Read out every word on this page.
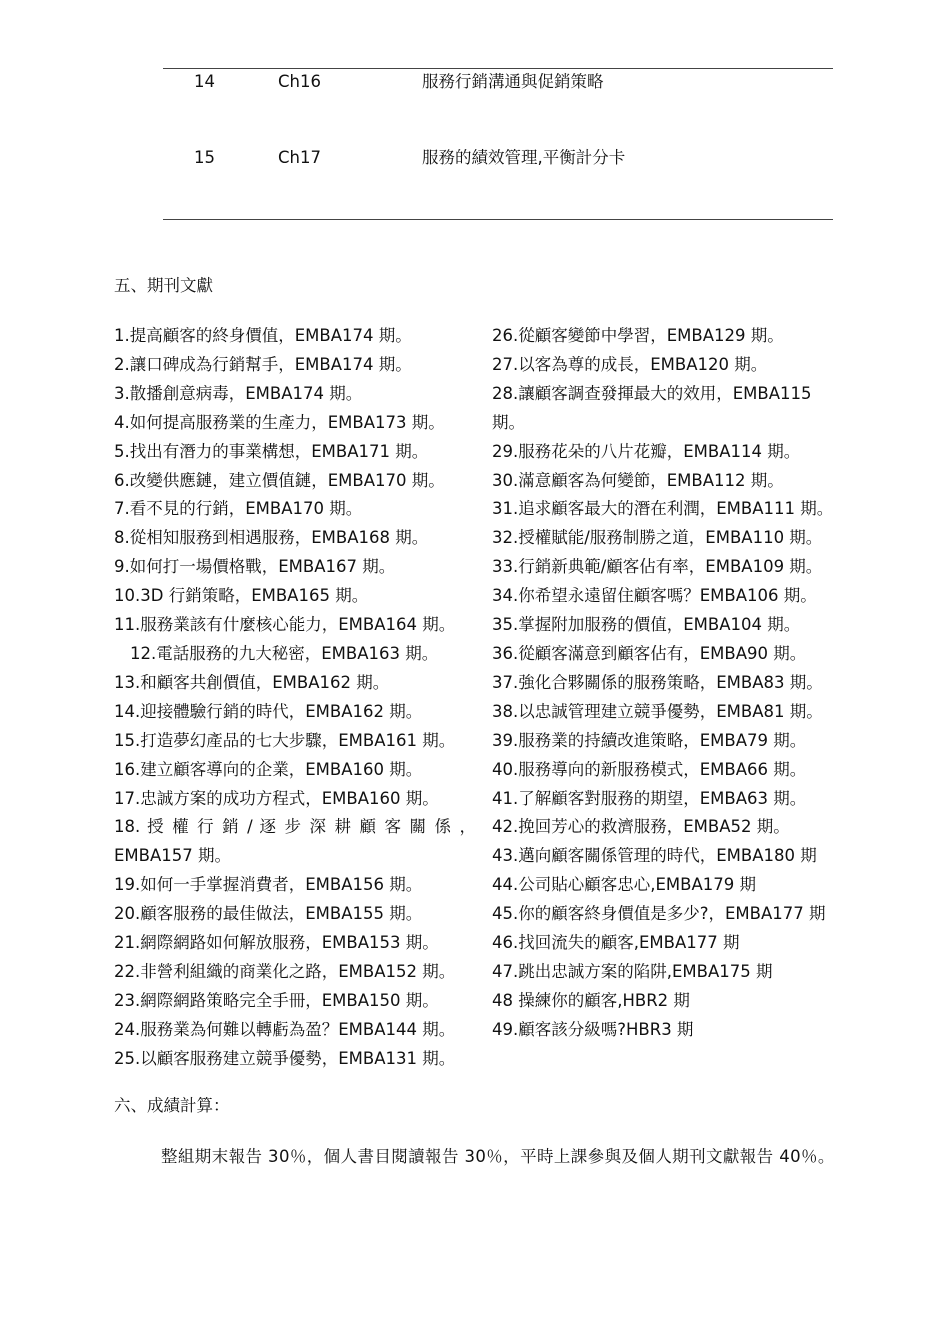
14	Ch16	服務行銷溝通與促銷策略
15	Ch17	服務的績效管理,平衡計分卡
五、期刊文獻
1.提高顧客的終身價值，EMBA174 期。
2.讓口碑成為行銷幫手，EMBA174 期。
3.散播創意病毒，EMBA174 期。
4.如何提高服務業的生產力，EMBA173 期。
5.找出有潛力的事業構想，EMBA171 期。
6.改變供應鏈，建立價值鏈，EMBA170 期。
7.看不見的行銷，EMBA170 期。
8.從相知服務到相遇服務，EMBA168 期。
9.如何打一場價格戰，EMBA167 期。
10.3D 行銷策略，EMBA165 期。
11.服務業該有什麼核心能力，EMBA164 期。
12.電話服務的九大秘密，EMBA163 期。
13.和顧客共創價值，EMBA162 期。
14.迎接體驗行銷的時代，EMBA162 期。
15.打造夢幻產品的七大步驟，EMBA161 期。
16.建立顧客導向的企業，EMBA160 期。
17.忠誠方案的成功方程式，EMBA160 期。
18. 授 權 行 銷 / 逐 步 深 耕 顧 客 關 係 ，EMBA157 期。
19.如何一手掌握消費者，EMBA156 期。
20.顧客服務的最佳做法，EMBA155 期。
21.網際網路如何解放服務，EMBA153 期。
22.非營利組織的商業化之路，EMBA152 期。
23.網際網路策略完全手冊，EMBA150 期。
24.服務業為何難以轉虧為盈？EMBA144 期。
25.以顧客服務建立競爭優勢，EMBA131 期。
26.從顧客變節中學習，EMBA129 期。
27.以客為尊的成長，EMBA120 期。
28.讓顧客調查發揮最大的效用，EMBA115 期。
29.服務花朵的八片花瓣，EMBA114 期。
30.滿意顧客為何變節，EMBA112 期。
31.追求顧客最大的潛在利潤，EMBA111 期。
32.授權賦能/服務制勝之道，EMBA110 期。
33.行銷新典範/顧客佔有率，EMBA109 期。
34.你希望永遠留住顧客嗎？EMBA106 期。
35.掌握附加服務的價值，EMBA104 期。
36.從顧客滿意到顧客佔有，EMBA90 期。
37.強化合夥關係的服務策略，EMBA83 期。
38.以忠誠管理建立競爭優勢，EMBA81 期。
39.服務業的持續改進策略，EMBA79 期。
40.服務導向的新服務模式，EMBA66 期。
41.了解顧客對服務的期望，EMBA63 期。
42.挽回芳心的救濟服務，EMBA52 期。
43.邁向顧客關係管理的時代，EMBA180 期
44.公司貼心顧客忠心,EMBA179 期
45.你的顧客終身價值是多少?，EMBA177 期
46.找回流失的顧客,EMBA177 期
47.跳出忠誠方案的陷阱,EMBA175 期
48 操練你的顧客,HBR2 期
49.顧客該分級嗎?HBR3 期
六、成績計算：
整組期末報告 30％，個人書目閱讀報告 30％，平時上課參與及個人期刊文獻報告 40％。
